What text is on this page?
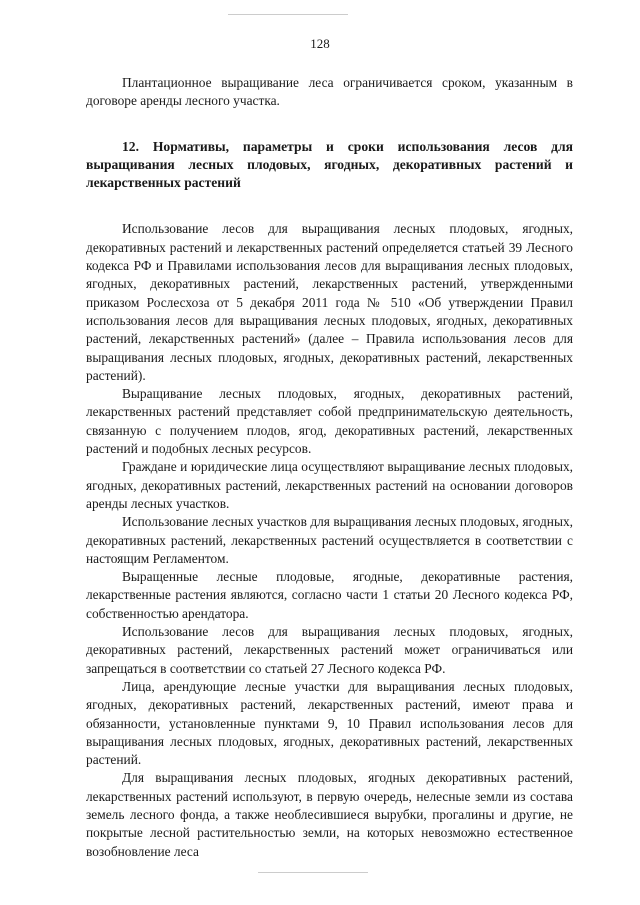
128

Плантационное выращивание леса ограничивается сроком, указанным в договоре аренды лесного участка.

12. Нормативы, параметры и сроки использования лесов для выращивания лесных плодовых, ягодных, декоративных растений и лекарственных растений

Использование лесов для выращивания лесных плодовых, ягодных, декоративных растений и лекарственных растений определяется статьей 39 Лесного кодекса РФ и Правилами использования лесов для выращивания лесных плодовых, ягодных, декоративных растений, лекарственных растений, утвержденными приказом Рослесхоза от 5 декабря 2011 года № 510 «Об утверждении Правил использования лесов для выращивания лесных плодовых, ягодных, декоративных растений, лекарственных растений» (далее – Правила использования лесов для выращивания лесных плодовых, ягодных, декоративных растений, лекарственных растений).

Выращивание лесных плодовых, ягодных, декоративных растений, лекарственных растений представляет собой предпринимательскую деятельность, связанную с получением плодов, ягод, декоративных растений, лекарственных растений и подобных лесных ресурсов.

Граждане и юридические лица осуществляют выращивание лесных плодовых, ягодных, декоративных растений, лекарственных растений на основании договоров аренды лесных участков.

Использование лесных участков для выращивания лесных плодовых, ягодных, декоративных растений, лекарственных растений осуществляется в соответствии с настоящим Регламентом.

Выращенные лесные плодовые, ягодные, декоративные растения, лекарственные растения являются, согласно части 1 статьи 20 Лесного кодекса РФ, собственностью арендатора.

Использование лесов для выращивания лесных плодовых, ягодных, декоративных растений, лекарственных растений может ограничиваться или запрещаться в соответствии со статьей 27 Лесного кодекса РФ.

Лица, арендующие лесные участки для выращивания лесных плодовых, ягодных, декоративных растений, лекарственных растений, имеют права и обязанности, установленные пунктами 9, 10 Правил использования лесов для выращивания лесных плодовых, ягодных, декоративных растений, лекарственных растений.

Для выращивания лесных плодовых, ягодных декоративных растений, лекарственных растений используют, в первую очередь, нелесные земли из состава земель лесного фонда, а также необлесившиеся вырубки, прогалины и другие, не покрытые лесной растительностью земли, на которых невозможно естественное возобновление леса
